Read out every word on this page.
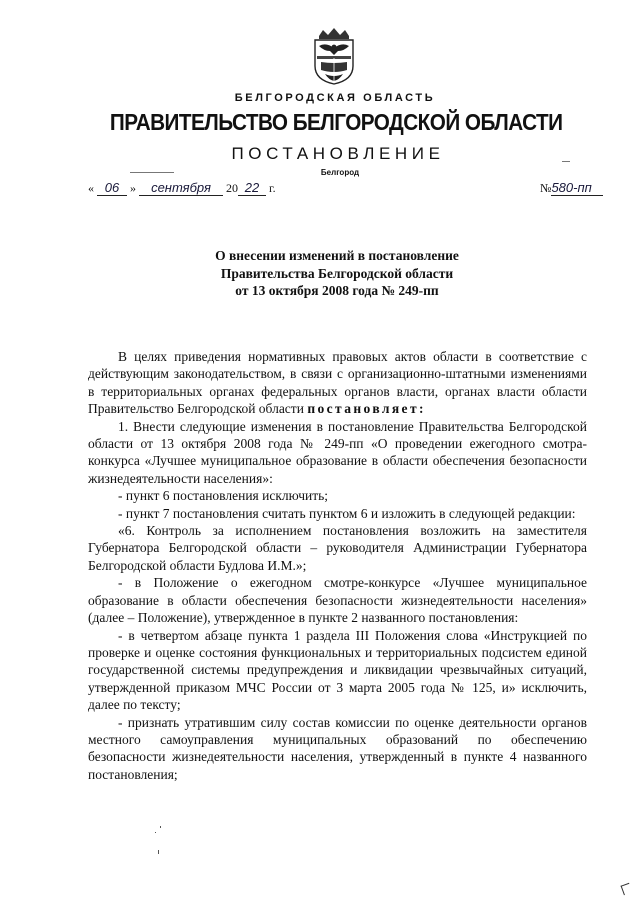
БЕЛГОРОДСКАЯ ОБЛАСТЬ
ПРАВИТЕЛЬСТВО БЕЛГОРОДСКОЙ ОБЛАСТИ
ПОСТАНОВЛЕНИЕ
Белгород
« 06 » сентября 20 22 г.	№580-пп
О внесении изменений в постановление
Правительства Белгородской области
от 13 октября 2008 года № 249-пп

В целях приведения нормативных правовых актов области в соответствие с действующим законодательством, в связи с организационно-штатными изменениями в территориальных органах федеральных органов власти, органах власти области Правительство Белгородской области постановляет:

1. Внести следующие изменения в постановление Правительства Белгородской области от 13 октября 2008 года № 249-пп «О проведении ежегодного смотра-конкурса «Лучшее муниципальное образование в области обеспечения безопасности жизнедеятельности населения»:

- пункт 6 постановления исключить;

- пункт 7 постановления считать пунктом 6 и изложить в следующей редакции:

«6. Контроль за исполнением постановления возложить на заместителя Губернатора Белгородской области – руководителя Администрации Губернатора Белгородской области Будлова И.М.»;

- в Положение о ежегодном смотре-конкурсе «Лучшее муниципальное образование в области обеспечения безопасности жизнедеятельности населения» (далее – Положение), утвержденное в пункте 2 названного постановления:

- в четвертом абзаце пункта 1 раздела III Положения слова «Инструкцией по проверке и оценке состояния функциональных и территориальных подсистем единой государственной системы предупреждения и ликвидации чрезвычайных ситуаций, утвержденной приказом МЧС России от 3 марта 2005 года № 125, и» исключить, далее по тексту;

- признать утратившим силу состав комиссии по оценке деятельности органов местного самоуправления муниципальных образований по обеспечению безопасности жизнедеятельности населения, утвержденный в пункте 4 названного постановления;
